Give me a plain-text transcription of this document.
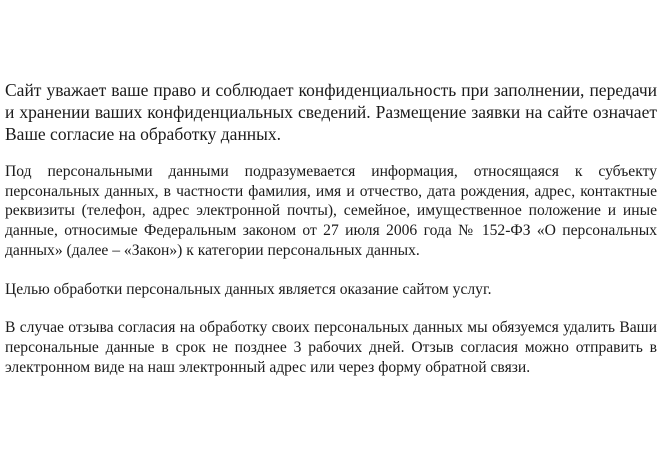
Сайт уважает ваше право и соблюдает конфиденциальность при заполнении, передачи и хранении ваших конфиденциальных сведений. Размещение заявки на сайте означает Ваше согласие на обработку данных.

Под персональными данными подразумевается информация, относящаяся к субъекту персональных данных, в частности фамилия, имя и отчество, дата рождения, адрес, контактные реквизиты (телефон, адрес электронной почты), семейное, имущественное положение и иные данные, относимые Федеральным законом от 27 июля 2006 года № 152-ФЗ «О персональных данных» (далее – «Закон») к категории персональных данных.

Целью обработки персональных данных является оказание сайтом услуг.

В случае отзыва согласия на обработку своих персональных данных мы обязуемся удалить Ваши персональные данные в срок не позднее 3 рабочих дней. Отзыв согласия можно отправить в электронном виде на наш электронный адрес или через форму обратной связи.
